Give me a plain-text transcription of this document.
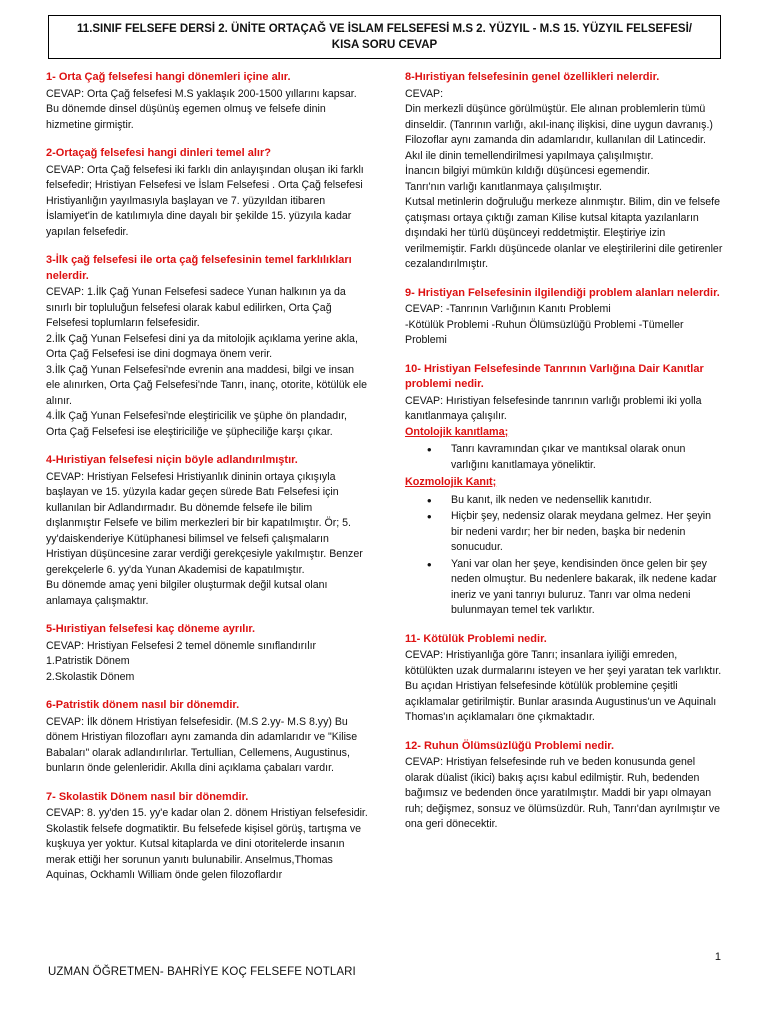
11.SINIF FELSEFE DERSİ 2. ÜNİTE ORTAÇAĞ VE İSLAM FELSEFESİ M.S 2. YÜZYIL - M.S 15. YÜZYIL FELSEFESİ/
KISA SORU CEVAP
1- Orta Çağ felsefesi hangi dönemleri içine alır.

CEVAP: Orta Çağ felsefesi M.S yaklaşık 200-1500 yıllarını kapsar. Bu dönemde dinsel düşünüş egemen olmuş ve felsefe dinin hizmetine girmiştir.

2-Ortaçağ felsefesi hangi dinleri temel alır?

CEVAP: Orta Çağ felsefesi iki farklı din anlayışından oluşan iki farklı felsefedir; Hristiyan Felsefesi ve İslam Felsefesi . Orta Çağ felsefesi Hristiyanlığın yayılmasıyla başlayan ve 7. yüzyıldan itibaren İslamiyet'in de katılımıyla dine dayalı bir şekilde 15. yüzyıla kadar yapılan felsefedir.

3-İlk çağ felsefesi ile orta çağ felsefesinin temel farklılıkları nelerdir.

CEVAP: 1.İlk Çağ Yunan Felsefesi sadece Yunan halkının ya da sınırlı bir topluluğun felsefesi olarak kabul edilirken, Orta Çağ Felsefesi toplumların felsefesidir.

2.İlk Çağ Yunan Felsefesi dini ya da mitolojik açıklama yerine akla, Orta Çağ Felsefesi ise dini dogmaya önem verir.

3.İlk Çağ Yunan Felsefesi'nde evrenin ana maddesi, bilgi ve insan ele alınırken, Orta Çağ Felsefesi'nde Tanrı, inanç, otorite, kötülük ele alınır.

4.İlk Çağ Yunan Felsefesi'nde eleştiricilik ve şüphe ön plandadır, Orta Çağ Felsefesi ise eleştiriciliğe ve şüpheciliğe karşı çıkar.

4-Hıristiyan felsefesi niçin böyle adlandırılmıştır.

CEVAP: Hristiyan Felsefesi Hristiyanlık dininin ortaya çıkışıyla başlayan ve 15. yüzyıla kadar geçen sürede Batı Felsefesi için kullanılan bir Adlandırmadır. Bu dönemde felsefe ile bilim dışlanmıştır Felsefe ve bilim merkezleri bir bir kapatılmıştır. Ör; 5. yy'daiskenderiye Kütüphanesi bilimsel ve felsefi çalışmaların Hristiyan düşüncesine zarar verdiği gerekçesiyle yakılmıştır. Benzer gerekçelerle 6. yy'da Yunan Akademisi de kapatılmıştır.

Bu dönemde amaç yeni bilgiler oluşturmak değil kutsal olanı anlamaya çalışmaktır.

5-Hıristiyan felsefesi kaç döneme ayrılır.

CEVAP: Hristiyan Felsefesi 2 temel dönemle sınıflandırılır

1.Patristik Dönem

2.Skolastik Dönem

6-Patristik dönem nasıl bir dönemdir.

CEVAP: İlk dönem Hristiyan felsefesidir. (M.S 2.yy- M.S 8.yy) Bu dönem Hristiyan filozofları aynı zamanda din adamlarıdır ve "Kilise Babaları" olarak adlandırılırlar. Tertullian, Cellemens, Augustinus, bunların önde gelenleridir. Akılla dini açıklama çabaları vardır.

7- Skolastik Dönem nasıl bir dönemdir.

CEVAP: 8. yy'den 15. yy'e kadar olan 2. dönem Hristiyan felsefesidir. Skolastik felsefe dogmatiktir. Bu felsefede kişisel görüş, tartışma ve kuşkuya yer yoktur. Kutsal kitaplarda ve dini otoritelerde insanın merak ettiği her sorunun yanıtı bulunabilir. Anselmus,Thomas Aquinas, Ockhamlı William önde gelen filozoflardır

8-Hıristiyan felsefesinin genel özellikleri nelerdir.

CEVAP:

Din merkezli düşünce görülmüştür. Ele alınan problemlerin tümü dinseldir. (Tanrının varlığı, akıl-inanç ilişkisi, dine uygun davranış.)

Filozoflar aynı zamanda din adamlarıdır, kullanılan dil Latincedir.

Akıl ile dinin temellendirilmesi yapılmaya çalışılmıştır.

İnancın bilgiyi mümkün kıldığı düşüncesi egemendir.

Tanrı'nın varlığı kanıtlanmaya çalışılmıştır.

Kutsal metinlerin doğruluğu merkeze alınmıştır. Bilim, din ve felsefe çatışması ortaya çıktığı zaman Kilise kutsal kitapta yazılanların dışındaki her türlü düşünceyi reddetmiştir. Eleştiriye izin verilmemiştir. Farklı düşüncede olanlar ve eleştirilerini dile getirenler cezalandırılmıştır.

9- Hristiyan Felsefesinin ilgilendiği problem alanları nelerdir.

CEVAP: -Tanrının Varlığının Kanıtı Problemi

-Kötülük Problemi -Ruhun Ölümsüzlüğü Problemi -Tümeller Problemi

10- Hristiyan Felsefesinde Tanrının Varlığına Dair Kanıtlar problemi nedir.

CEVAP: Hıristiyan felsefesinde tanrının varlığı problemi iki yolla kanıtlanmaya çalışılır.

Ontolojik kanıtlama;
• Tanrı kavramından çıkar ve mantıksal olarak onun varlığını kanıtlamaya yöneliktir.
Kozmolojik Kanıt;
• Bu kanıt, ilk neden ve nedensellik kanıtıdır.
• Hiçbir şey, nedensiz olarak meydana gelmez. Her şeyin bir nedeni vardır; her bir neden, başka bir nedenin sonucudur.
• Yani var olan her şeye, kendisinden önce gelen bir şey neden olmuştur. Bu nedenlere bakarak, ilk nedene kadar ineriz ve yani tanrıyı buluruz. Tanrı var olma nedeni bulunmayan temel tek varlıktır.
11- Kötülük Problemi nedir.

CEVAP: Hristiyanlığa göre Tanrı; insanlara iyiliği emreden, kötülükten uzak durmalarını isteyen ve her şeyi yaratan tek varlıktır. Bu açıdan Hristiyan felsefesinde kötülük problemine çeşitli açıklamalar getirilmiştir. Bunlar arasında Augustinus'un ve Aquinalı Thomas'ın açıklamaları öne çıkmaktadır.

12- Ruhun Ölümsüzlüğü Problemi nedir.

CEVAP: Hristiyan felsefesinde ruh ve beden konusunda genel olarak düalist (ikici) bakış açısı kabul edilmiştir. Ruh, bedenden bağımsız ve bedenden önce yaratılmıştır. Maddi bir yapı olmayan ruh; değişmez, sonsuz ve ölümsüzdür. Ruh, Tanrı'dan ayrılmıştır ve ona geri dönecektir.

1
UZMAN ÖĞRETMEN- BAHRİYE KOÇ FELSEFE NOTLARI
